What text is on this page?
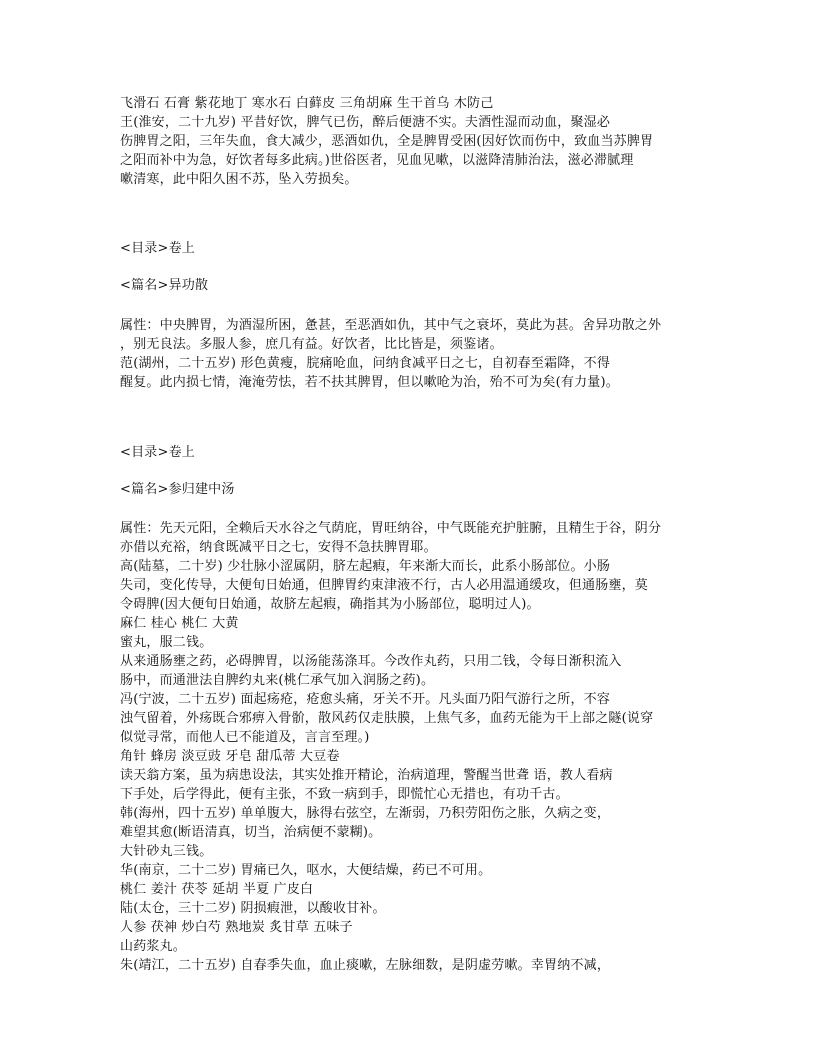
飞滑石 石膏 紫花地丁 寒水石 白藓皮 三角胡麻 生干首乌 木防己
王(淮安，二十九岁) 平昔好饮，脾气已伤，醉后便溏不实。夫酒性湿而动血，聚湿必
伤脾胃之阳，三年失血，食大减少，恶酒如仇，全是脾胃受困(因好饮而伤中，致血当苏脾胃
之阳而补中为急，好饮者每多此病。)世俗医者，见血见嗽，以滋降清肺治法，滋必滞腻理
嗽清寒，此中阳久困不苏，坠入劳损矣。
<目录>卷上
<篇名>异功散
属性：中央脾胃，为酒湿所困，惫甚，至恶酒如仇，其中气之衰坏，莫此为甚。舍异功散之外
，别无良法。多服人参，庶几有益。好饮者，比比皆是，须鉴诸。
范(湖州，二十五岁) 形色黄瘦，脘痛呛血，问纳食减平日之七，自初春至霜降，不得
醒复。此内损七情，淹淹劳怯，若不扶其脾胃，但以嗽呛为治，殆不可为矣(有力量)。
<目录>卷上
<篇名>参归建中汤
属性：先天元阳，全赖后天水谷之气荫庇，胃旺纳谷，中气既能充护脏腑，且精生于谷，阴分
亦借以充裕，纳食既减平日之七，安得不急扶脾胃耶。
高(陆墓，二十岁) 少壮脉小涩属阴，脐左起瘕，年来渐大而长，此系小肠部位。小肠
失司，变化传导，大便旬日始通，但脾胃约束津液不行，古人必用温通缓攻，但通肠壅，莫
令碍脾(因大便旬日始通，故脐左起瘕，确指其为小肠部位，聪明过人)。
麻仁 桂心 桃仁 大黄
蜜丸，服二钱。
从来通肠壅之药，必碍脾胃，以汤能荡涤耳。今改作丸药，只用二钱，令每日渐积流入
肠中，而通泄法自脾约丸来(桃仁承气加入润肠之药)。
冯(宁波，二十五岁) 面起疡疮，疮愈头痛，牙关不开。凡头面乃阳气游行之所，不容
浊气留着，外疡既合邪痹入骨骱，散风药仅走肤膜，上焦气多，血药无能为干上部之隧(说穿
似觉寻常，而他人已不能道及，言言至理。)
角针 蜂房 淡豆豉 牙皂 甜瓜蒂 大豆卷
读天翁方案，虽为病患设法，其实处推开精论，治病道理，警醒当世聋 语，教人看病
下手处，后学得此，便有主张，不致一病到手，即慌忙心无措也，有功千古。
韩(海州，四十五岁) 单单腹大，脉得右弦空，左渐弱，乃积劳阳伤之胀，久病之变，
难望其愈(断语清真，切当，治病便不蒙糊)。
大针砂丸三钱。
华(南京，二十二岁) 胃痛已久，呕水，大便结燥，药已不可用。
桃仁 姜汁 茯苓 延胡 半夏 广皮白
陆(太仓，三十二岁) 阴损瘕泄，以酸收甘补。
人参 茯神 炒白芍 熟地炭 炙甘草 五味子
山药浆丸。
朱(靖江，二十五岁) 自春季失血，血止痰嗽，左脉细数，是阴虚劳嗽。幸胃纳不减，
